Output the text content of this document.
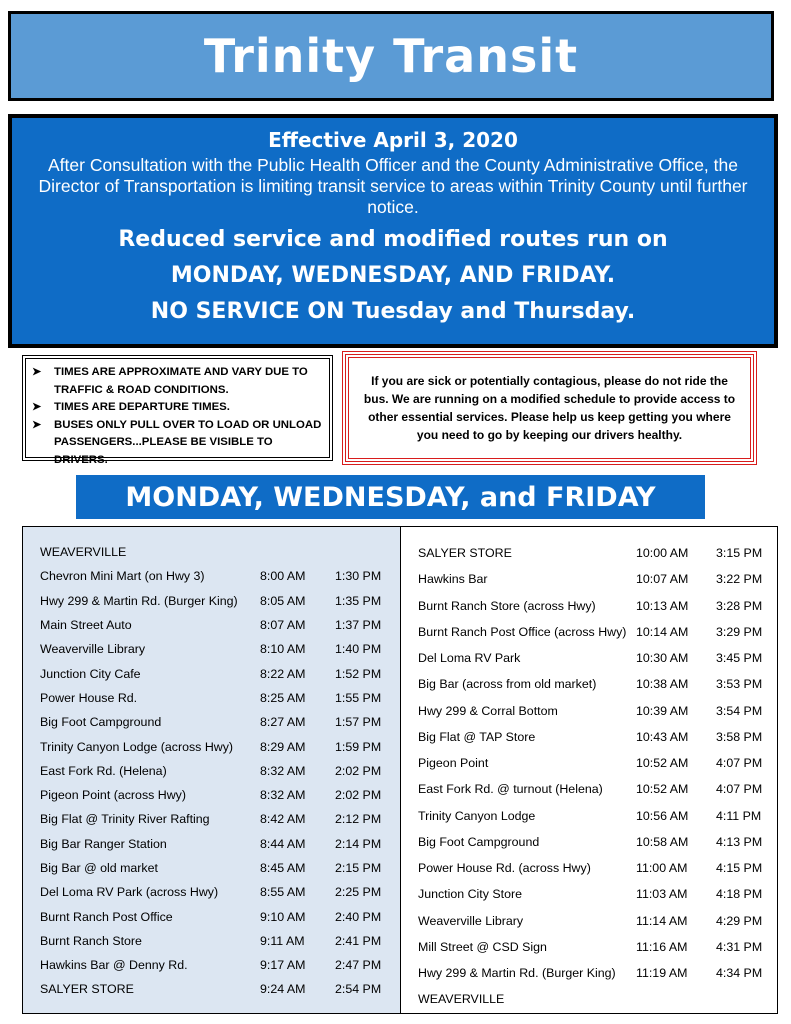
Trinity Transit
Effective April 3, 2020
After Consultation with the Public Health Officer and the County Administrative Office, the Director of Transportation is limiting transit service to areas within Trinity County until further notice.
Reduced service and modified routes run on
MONDAY, WEDNESDAY, AND FRIDAY.
NO SERVICE ON Tuesday and Thursday.
➤ TIMES ARE APPROXIMATE AND VARY DUE TO TRAFFIC & ROAD CONDITIONS.
➤ TIMES ARE DEPARTURE TIMES.
➤ BUSES ONLY PULL OVER TO LOAD OR UNLOAD PASSENGERS...PLEASE BE VISIBLE TO DRIVERS.
If you are sick or potentially contagious, please do not ride the bus. We are running on a modified schedule to provide access to other essential services. Please help us keep getting you where you need to go by keeping our drivers healthy.
MONDAY, WEDNESDAY, and FRIDAY
WEAVERVILLE
Chevron Mini Mart (on Hwy 3)	8:00 AM	1:30 PM
Hwy 299 & Martin Rd. (Burger King)	8:05 AM	1:35 PM
Main Street Auto	8:07 AM	1:37 PM
Weaverville Library	8:10 AM	1:40 PM
Junction City Cafe	8:22 AM	1:52 PM
Power House Rd.	8:25 AM	1:55 PM
Big Foot Campground	8:27 AM	1:57 PM
Trinity Canyon Lodge (across Hwy)	8:29 AM	1:59 PM
East Fork Rd. (Helena)	8:32 AM	2:02 PM
Pigeon Point (across Hwy)	8:32 AM	2:02 PM
Big Flat @ Trinity River Rafting	8:42 AM	2:12 PM
Big Bar Ranger Station	8:44 AM	2:14 PM
Big Bar @ old market	8:45 AM	2:15 PM
Del Loma RV Park (across Hwy)	8:55 AM	2:25 PM
Burnt Ranch Post Office	9:10 AM	2:40 PM
Burnt Ranch Store	9:11 AM	2:41 PM
Hawkins Bar @ Denny Rd.	9:17 AM	2:47 PM
SALYER STORE	9:24 AM	2:54 PM
SALYER STORE	10:00 AM	3:15 PM
Hawkins Bar	10:07 AM	3:22 PM
Burnt Ranch Store (across Hwy)	10:13 AM	3:28 PM
Burnt Ranch Post Office (across Hwy) 10:14 AM	3:29 PM
Del Loma RV Park	10:30 AM	3:45 PM
Big Bar (across from old market)	10:38 AM	3:53 PM
Hwy 299 & Corral Bottom	10:39 AM	3:54 PM
Big Flat @ TAP Store	10:43 AM	3:58 PM
Pigeon Point	10:52 AM	4:07 PM
East Fork Rd. @ turnout (Helena)	10:52 AM	4:07 PM
Trinity Canyon Lodge	10:56 AM	4:11 PM
Big Foot Campground	10:58 AM	4:13 PM
Power House Rd. (across Hwy)	11:00 AM	4:15 PM
Junction City Store	11:03 AM	4:18 PM
Weaverville Library	11:14 AM	4:29 PM
Mill Street @ CSD Sign	11:16 AM	4:31 PM
Hwy 299 & Martin Rd. (Burger King)	11:19 AM	4:34 PM
WEAVERVILLE
